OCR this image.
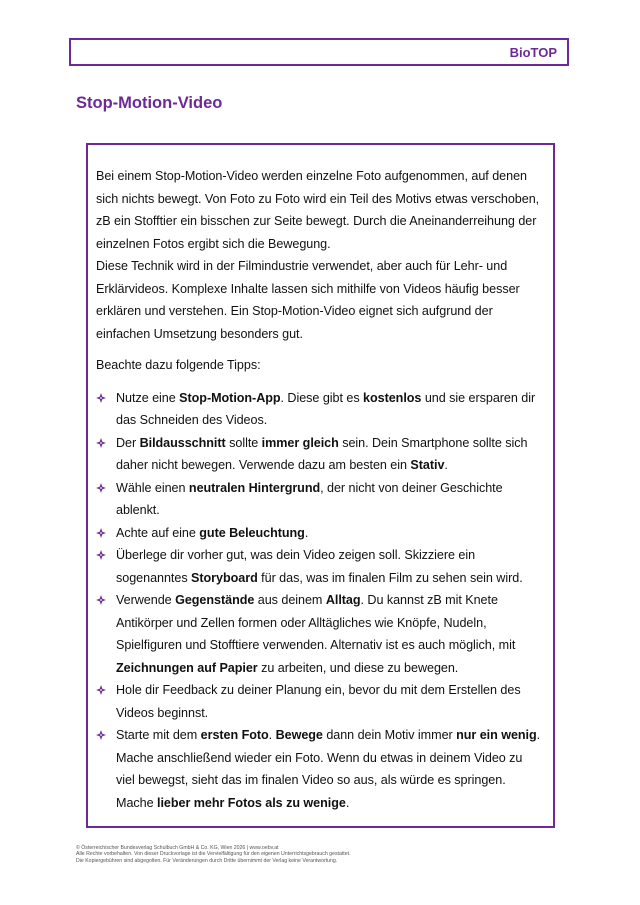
BioTOP
Stop-Motion-Video

Bei einem Stop-Motion-Video werden einzelne Foto aufgenommen, auf denen sich nichts bewegt. Von Foto zu Foto wird ein Teil des Motivs etwas verschoben, zB ein Stofftier ein bisschen zur Seite bewegt. Durch die Aneinanderreihung der einzelnen Fotos ergibt sich die Bewegung.

Diese Technik wird in der Filmindustrie verwendet, aber auch für Lehr- und Erklärvideos. Komplexe Inhalte lassen sich mithilfe von Videos häufig besser erklären und verstehen. Ein Stop-Motion-Video eignet sich aufgrund der einfachen Umsetzung besonders gut.

Beachte dazu folgende Tipps:

Nutze eine Stop-Motion-App. Diese gibt es kostenlos und sie ersparen dir das Schneiden des Videos.
Der Bildausschnitt sollte immer gleich sein. Dein Smartphone sollte sich daher nicht bewegen. Verwende dazu am besten ein Stativ.
Wähle einen neutralen Hintergrund, der nicht von deiner Geschichte ablenkt.
Achte auf eine gute Beleuchtung.
Überlege dir vorher gut, was dein Video zeigen soll. Skizziere ein sogenanntes Storyboard für das, was im finalen Film zu sehen sein wird.
Verwende Gegenstände aus deinem Alltag. Du kannst zB mit Knete Antikörper und Zellen formen oder Alltägliches wie Knöpfe, Nudeln, Spielfiguren und Stofftiere verwenden. Alternativ ist es auch möglich, mit Zeichnungen auf Papier zu arbeiten, und diese zu bewegen.
Hole dir Feedback zu deiner Planung ein, bevor du mit dem Erstellen des Videos beginnst.
Starte mit dem ersten Foto. Bewege dann dein Motiv immer nur ein wenig. Mache anschließend wieder ein Foto. Wenn du etwas in deinem Video zu viel bewegst, sieht das im finalen Video so aus, als würde es springen. Mache lieber mehr Fotos als zu wenige.
© Österreichischer Bundesverlag Schulbuch GmbH & Co. KG, Wien 2026 | www.oebv.at
Alle Rechte vorbehalten. Von dieser Druckvorlage ist die Vervielfältigung für den eigenen Unterrichtsgebrauch gestattet.
Die Kopiergebühren sind abgegolten. Für Veränderungen durch Dritte übernimmt der Verlag keine Verantwortung.
